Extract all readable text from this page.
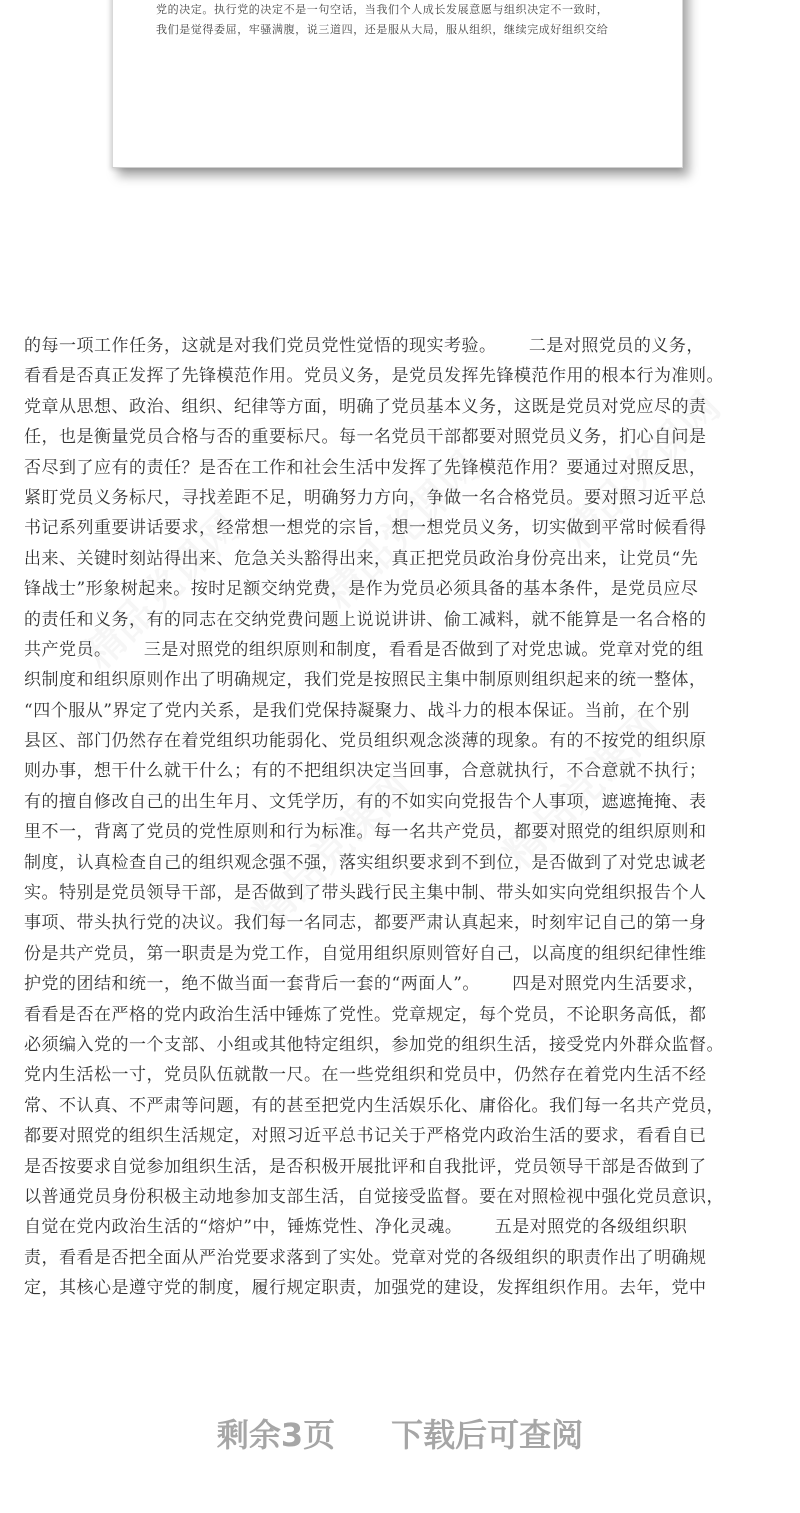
党的决定。执行党的决定不是一句空话，当我们个人成长发展意愿与组织决定不一致时，
我们是觉得委屈，牢骚满腹，说三道四，还是服从大局，服从组织，继续完成好组织交给
精品党课网 精品党课网 精品党课网
精品党课网 精品党课网
的每一项工作任务，这就是对我们党员党性觉悟的现实考验。　　 二是对照党员的义务，
看看是否真正发挥了先锋模范作用。党员义务，是党员发挥先锋模范作用的根本行为准则。
党章从思想、政治、组织、纪律等方面，明确了党员基本义务，这既是党员对党应尽的责
任，也是衡量党员合格与否的重要标尺。每一名党员干部都要对照党员义务，扪心自问是
否尽到了应有的责任？是否在工作和社会生活中发挥了先锋模范作用？要通过对照反思，
紧盯党员义务标尺，寻找差距不足，明确努力方向，争做一名合格党员。要对照习近平总
书记系列重要讲话要求，经常想一想党的宗旨，想一想党员义务，切实做到平常时候看得
出来、关键时刻站得出来、危急关头豁得出来，真正把党员政治身份亮出来，让党员“先
锋战士”形象树起来。按时足额交纳党费，是作为党员必须具备的基本条件，是党员应尽
的责任和义务，有的同志在交纳党费问题上说说讲讲、偷工减料，就不能算是一名合格的
共产党员。　　 三是对照党的组织原则和制度，看看是否做到了对党忠诚。党章对党的组
织制度和组织原则作出了明确规定，我们党是按照民主集中制原则组织起来的统一整体，
“四个服从”界定了党内关系，是我们党保持凝聚力、战斗力的根本保证。当前，在个别
县区、部门仍然存在着党组织功能弱化、党员组织观念淡薄的现象。有的不按党的组织原
则办事，想干什么就干什么；有的不把组织决定当回事，合意就执行，不合意就不执行；
有的擅自修改自己的出生年月、文凭学历，有的不如实向党报告个人事项，遮遮掩掩、表
里不一，背离了党员的党性原则和行为标准。每一名共产党员，都要对照党的组织原则和
制度，认真检查自己的组织观念强不强，落实组织要求到不到位，是否做到了对党忠诚老
实。特别是党员领导干部，是否做到了带头践行民主集中制、带头如实向党组织报告个人
事项、带头执行党的决议。我们每一名同志，都要严肃认真起来，时刻牢记自己的第一身
份是共产党员，第一职责是为党工作，自觉用组织原则管好自己，以高度的组织纪律性维
护党的团结和统一，绝不做当面一套背后一套的“两面人”。　　 四是对照党内生活要求，
看看是否在严格的党内政治生活中锤炼了党性。党章规定，每个党员，不论职务高低，都
必须编入党的一个支部、小组或其他特定组织，参加党的组织生活，接受党内外群众监督。
党内生活松一寸，党员队伍就散一尺。在一些党组织和党员中，仍然存在着党内生活不经
常、不认真、不严肃等问题，有的甚至把党内生活娱乐化、庸俗化。我们每一名共产党员，
都要对照党的组织生活规定，对照习近平总书记关于严格党内政治生活的要求，看看自已
是否按要求自觉参加组织生活，是否积极开展批评和自我批评，党员领导干部是否做到了
以普通党员身份积极主动地参加支部生活，自觉接受监督。要在对照检视中强化党员意识，
自觉在党内政治生活的“熔炉”中，锤炼党性、净化灵魂。　　 五是对照党的各级组织职
责，看看是否把全面从严治党要求落到了实处。党章对党的各级组织的职责作出了明确规
定，其核心是遵守党的制度，履行规定职责，加强党的建设，发挥组织作用。去年，党中
剩余3页 下载后可查阅
